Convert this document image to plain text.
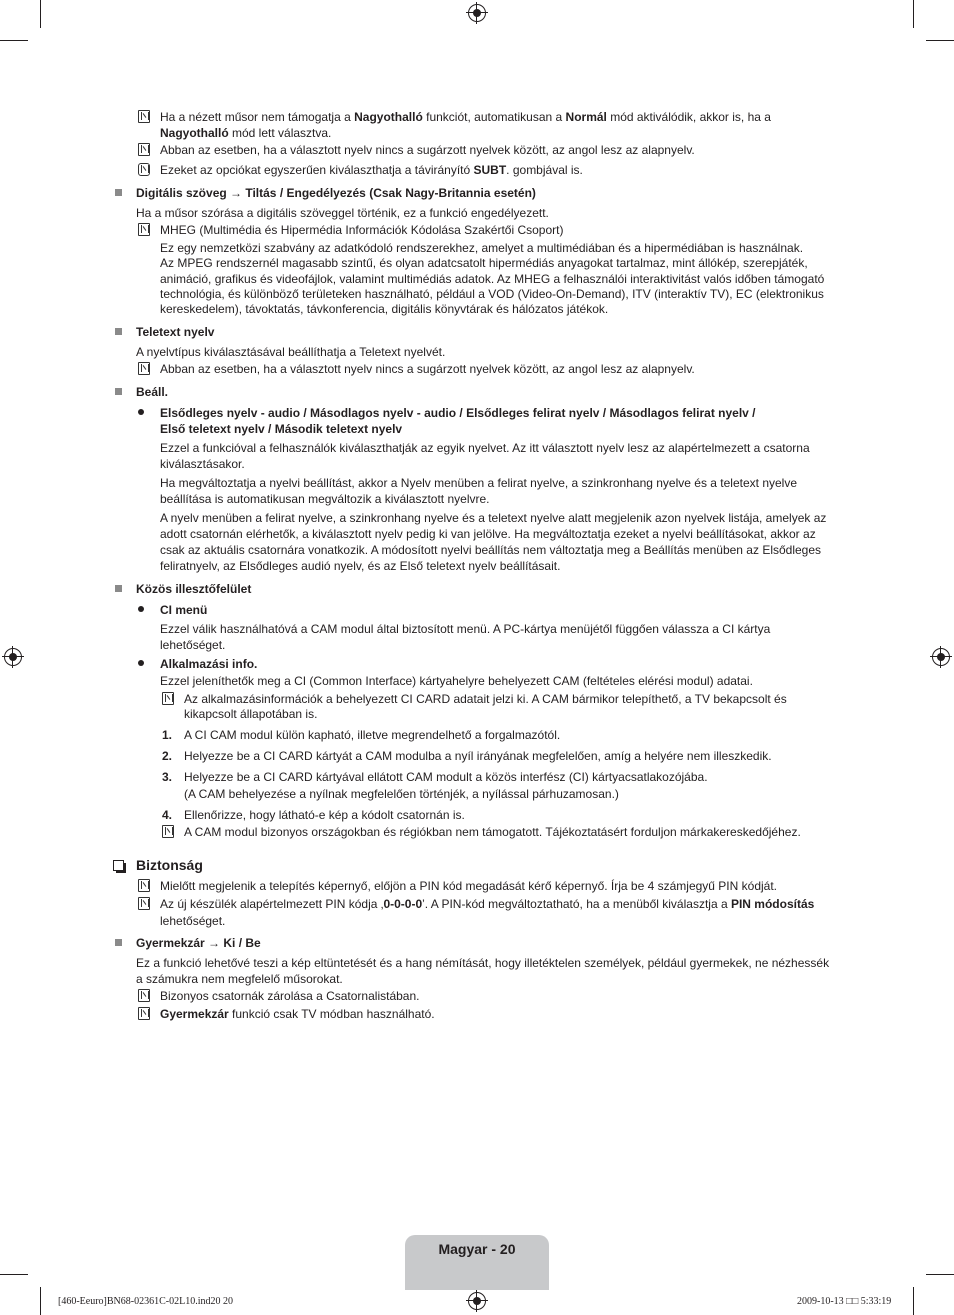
Ha a nézett műsor nem támogatja a Nagyothalló funkciót, automatikusan a Normál mód aktiválódik, akkor is, ha a
Nagyothalló mód lett választva.
Abban az esetben, ha a választott nyelv nincs a sugárzott nyelvek között, az angol lesz az alapnyelv.
Ezeket az opciókat egyszerűen kiválaszthatja a távirányító SUBT. gombjával is.
Digitális szöveg → Tiltás / Engedélyezés (Csak Nagy-Britannia esetén)
Ha a műsor szórása a digitális szöveggel történik, ez a funkció engedélyezett.
MHEG (Multimédia és Hipermédia Információk Kódolása Szakértői Csoport)
Ez egy nemzetközi szabvány az adatkódoló rendszerekhez, amelyet a multimédiában és a hipermédiában is használnak.
Az MPEG rendszernél magasabb szintű, és olyan adatcsatolt hipermédiás anyagokat tartalmaz, mint állókép, szerepjáték,
animáció, grafikus és videofájlok, valamint multimédiás adatok. Az MHEG a felhasználói interaktivitást valós időben támogató
technológia, és különböző területeken használható, például a VOD (Video-On-Demand), ITV (interaktív TV), EC (elektronikus
kereskedelem), távoktatás, távkonferencia, digitális könyvtárak és hálózatos játékok.
Teletext nyelv
A nyelvtípus kiválasztásával beállíthatja a Teletext nyelvét.
Abban az esetben, ha a választott nyelv nincs a sugárzott nyelvek között, az angol lesz az alapnyelv.
Beáll.
Elsődleges nyelv - audio / Másodlagos nyelv - audio / Elsődleges felirat nyelv / Másodlagos felirat nyelv /
Első teletext nyelv / Második teletext nyelv
Ezzel a funkcióval a felhasználók kiválaszthatják az egyik nyelvet. Az itt választott nyelv lesz az alapértelmezett a csatorna
kiválasztásakor.
Ha megváltoztatja a nyelvi beállítást, akkor a Nyelv menüben a felirat nyelve, a szinkronhang nyelve és a teletext nyelve
beállítása is automatikusan megváltozik a kiválasztott nyelvre.
A nyelv menüben a felirat nyelve, a szinkronhang nyelve és a teletext nyelve alatt megjelenik azon nyelvek listája, amelyek az
adott csatornán elérhetők, a kiválasztott nyelv pedig ki van jelölve. Ha megváltoztatja ezeket a nyelvi beállításokat, akkor az
csak az aktuális csatornára vonatkozik. A módosított nyelvi beállítás nem változtatja meg a Beállítás menüben az Elsődleges
feliratnyelv, az Elsődleges audió nyelv, és az Első teletext nyelv beállításait.
Közös illesztőfelület
CI menü
Ezzel válik használhatóvá a CAM modul által biztosított menü. A PC-kártya menüjétől függően válassza a CI kártya
lehetőséget.
Alkalmazási info.
Ezzel jeleníthetők meg a CI (Common Interface) kártyahelyre behelyezett CAM (feltételes elérési modul) adatai.
Az alkalmazásinformációk a behelyezett CI CARD adatait jelzi ki. A CAM bármikor telepíthető, a TV bekapcsolt és
kikapcsolt állapotában is.
1. A CI CAM modul külön kapható, illetve megrendelhető a forgalmazótól.
2. Helyezze be a CI CARD kártyát a CAM modulba a nyíl irányának megfelelően, amíg a helyére nem illeszkedik.
3. Helyezze be a CI CARD kártyával ellátott CAM modult a közös interfész (CI) kártyacsatlakozójába.
(A CAM behelyezése a nyílnak megfelelően történjék, a nyílással párhuzamosan.)
4. Ellenőrizze, hogy látható-e kép a kódolt csatornán is.
A CAM modul bizonyos országokban és régiókban nem támogatott. Tájékoztatásért forduljon márkakereskedőjéhez.
Biztonság
Mielőtt megjelenik a telepítés képernyő, előjön a PIN kód megadását kérő képernyő. Írja be 4 számjegyű PIN kódját.
Az új készülék alapértelmezett PIN kódja ‚0-0-0-0’. A PIN-kód megváltoztatható, ha a menüből kiválasztja a PIN módosítás
lehetőséget.
Gyermekzár → Ki / Be
Ez a funkció lehetővé teszi a kép eltüntetését és a hang némítását, hogy illetéktelen személyek, például gyermekek, ne nézhessék
a számukra nem megfelelő műsorokat.
Bizonyos csatornák zárolása a Csatornalistában.
Gyermekzár funkció csak TV módban használható.
Magyar - 20
[460-Eeuro]BN68-02361C-02L10.ind20 20	2009-10-13 □□ 5:33:19
